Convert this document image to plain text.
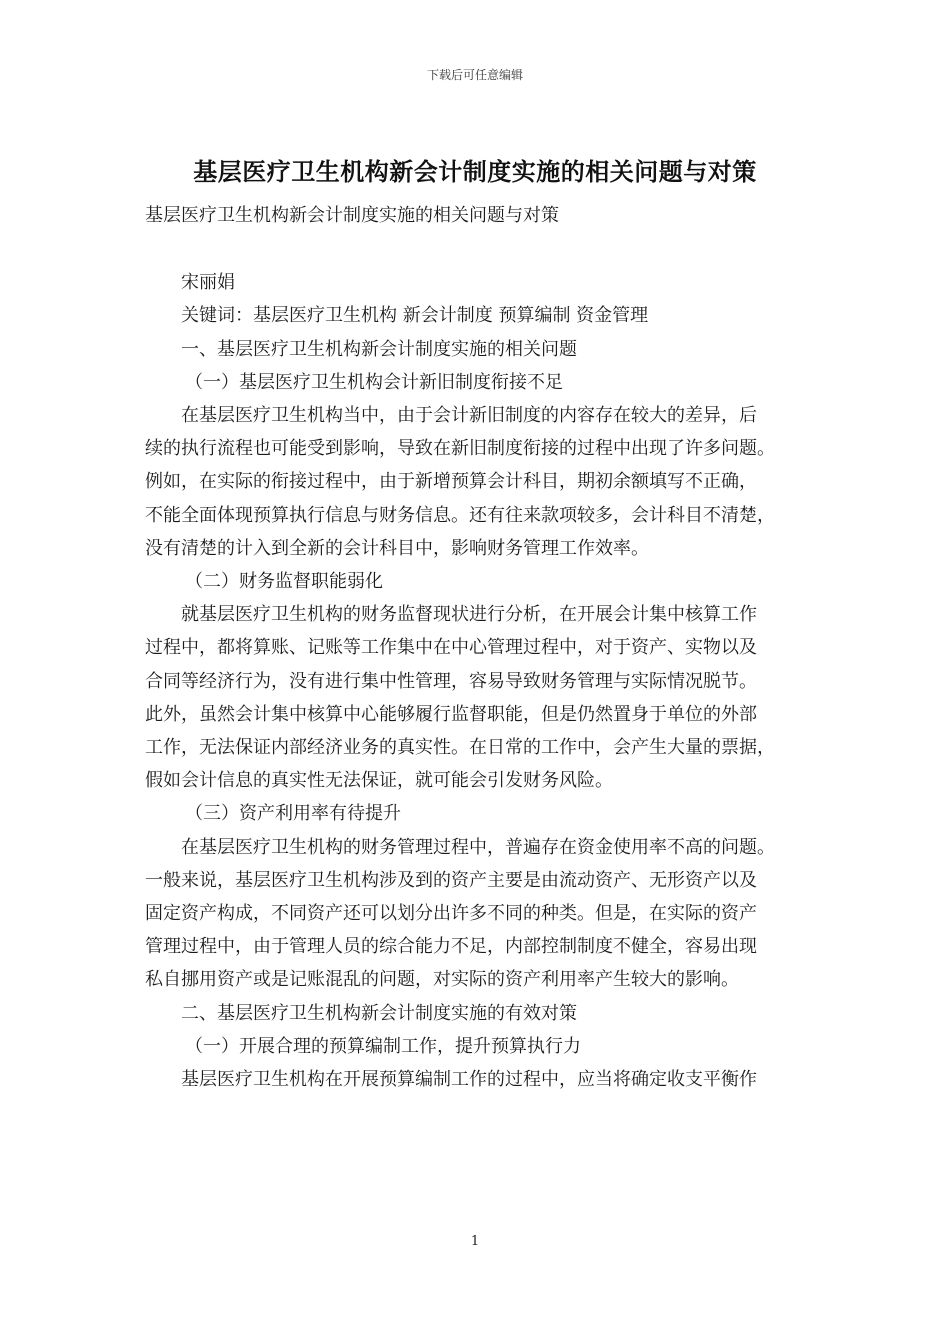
下载后可任意编辑
基层医疗卫生机构新会计制度实施的相关问题与对策
基层医疗卫生机构新会计制度实施的相关问题与对策
宋丽娟
关键词：基层医疗卫生机构 新会计制度 预算编制 资金管理
一、基层医疗卫生机构新会计制度实施的相关问题
（一）基层医疗卫生机构会计新旧制度衔接不足
在基层医疗卫生机构当中，由于会计新旧制度的内容存在较大的差异，后
续的执行流程也可能受到影响，导致在新旧制度衔接的过程中出现了许多问题。
例如，在实际的衔接过程中，由于新增预算会计科目，期初余额填写不正确，
不能全面体现预算执行信息与财务信息。还有往来款项较多，会计科目不清楚，
没有清楚的计入到全新的会计科目中，影响财务管理工作效率。
（二）财务监督职能弱化
就基层医疗卫生机构的财务监督现状进行分析，在开展会计集中核算工作
过程中，都将算账、记账等工作集中在中心管理过程中，对于资产、实物以及
合同等经济行为，没有进行集中性管理，容易导致财务管理与实际情况脱节。
此外，虽然会计集中核算中心能够履行监督职能，但是仍然置身于单位的外部
工作，无法保证内部经济业务的真实性。在日常的工作中，会产生大量的票据，
假如会计信息的真实性无法保证，就可能会引发财务风险。
（三）资产利用率有待提升
在基层医疗卫生机构的财务管理过程中，普遍存在资金使用率不高的问题。
一般来说，基层医疗卫生机构涉及到的资产主要是由流动资产、无形资产以及
固定资产构成，不同资产还可以划分出许多不同的种类。但是，在实际的资产
管理过程中，由于管理人员的综合能力不足，内部控制制度不健全，容易出现
私自挪用资产或是记账混乱的问题，对实际的资产利用率产生较大的影响。
二、基层医疗卫生机构新会计制度实施的有效对策
（一）开展合理的预算编制工作，提升预算执行力
基层医疗卫生机构在开展预算编制工作的过程中，应当将确定收支平衡作
1
